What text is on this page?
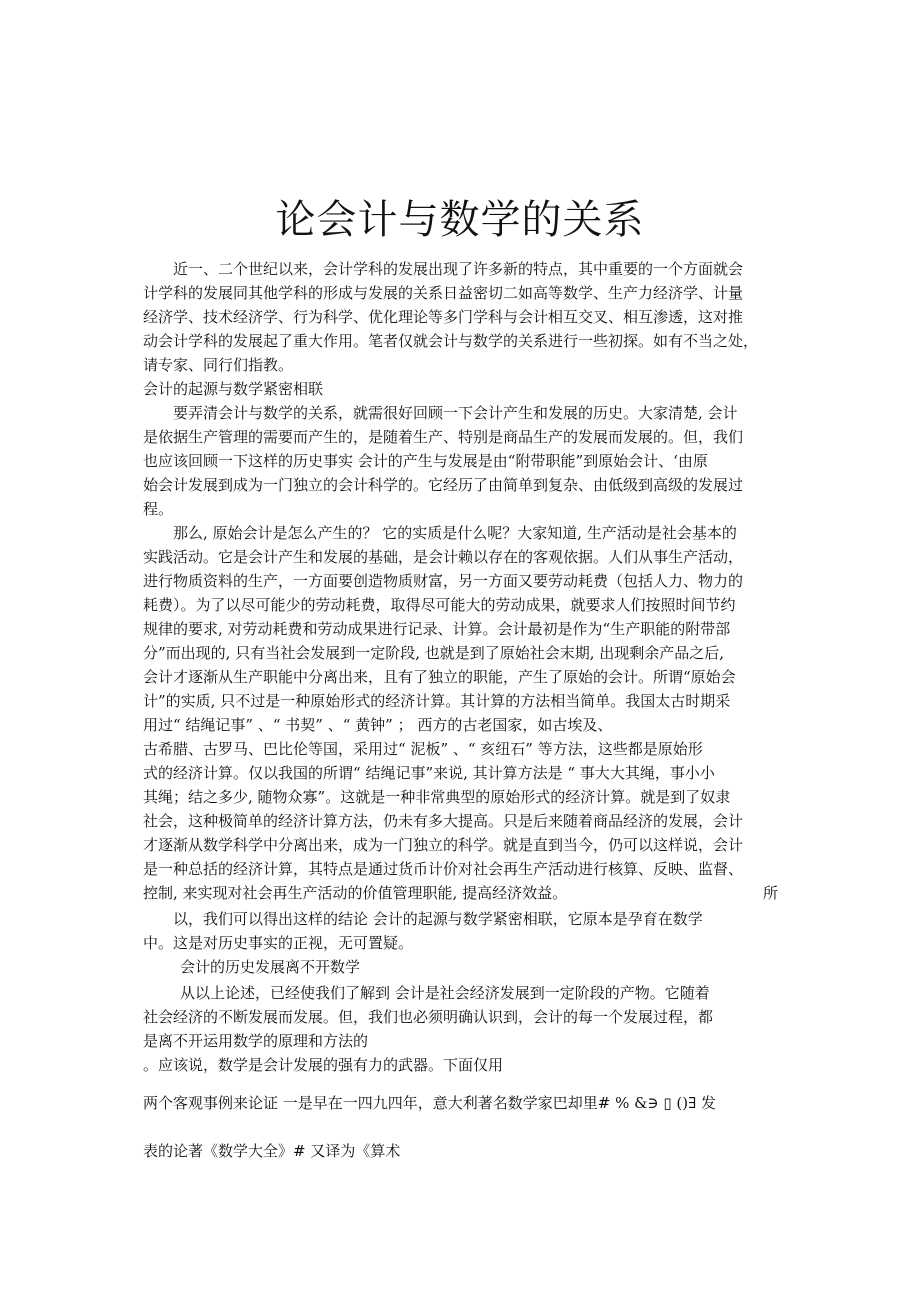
论会计与数学的关系
近一、二个世纪以来，会计学科的发展出现了许多新的特点，其中重要的一个方面就会
计学科的发展同其他学科的形成与发展的关系日益密切二如高等数学、生产力经济学、计量
经济学、技术经济学、行为科学、优化理论等多门学科与会计相互交叉、相互渗透，这对推
动会计学科的发展起了重大作用。笔者仅就会计与数学的关系进行一些初探。如有不当之处，
请专家、同行们指教。
会计的起源与数学紧密相联
要弄清会计与数学的关系，就需很好回顾一下会计产生和发展的历史。大家清楚, 会计
是依据生产管理的需要而产生的，是随着生产、特别是商品生产的发展而发展的。但，我们
也应该回顾一下这样的历史事实 会计的产生与发展是由“附带职能”到原始会计、‘由原
始会计发展到成为一门独立的会计科学的。它经历了由简单到复杂、由低级到高级的发展过
程。
那么, 原始会计是怎么产生的？ 它的实质是什么呢？大家知道, 生产活动是社会基本的
实践活动。它是会计产生和发展的基础，是会计赖以存在的客观依据。人们从事生产活动，
进行物质资料的生产，一方面要创造物质财富，另一方面又要劳动耗费（包括人力、物力的
耗费）。为了以尽可能少的劳动耗费，取得尽可能大的劳动成果，就要求人们按照时间节约
规律的要求, 对劳动耗费和劳动成果进行记录、计算。会计最初是作为“生产职能的附带部
分”而出现的, 只有当社会发展到一定阶段, 也就是到了原始社会末期, 出现剩余产品之后,
会计才逐渐从生产职能中分离出来，且有了独立的职能，产生了原始的会计。所谓“原始会
计”的实质, 只不过是一种原始形式的经济计算。其计算的方法相当简单。我国太古时期采
用过“ 结绳记事” 、“ 书契” 、“ 黄钟” ； 西方的古老国家，如古埃及、
古希腊、古罗马、巴比伦等国，采用过“ 泥板” 、“ 亥纽石” 等方法，这些都是原始形
式的经济计算。仅以我国的所谓“ 结绳记事”来说, 其计算方法是 “ 事大大其绳，事小小
其绳；结之多少, 随物众寡”。这就是一种非常典型的原始形式的经济计算。就是到了奴隶
社会，这种极简单的经济计算方法，仍未有多大提高。只是后来随着商品经济的发展，会计
才逐渐从数学科学中分离出来，成为一门独立的科学。就是直到当今，仍可以这样说，会计
是一种总括的经济计算，其特点是通过货币计价对社会再生产活动进行核算、反映、监督、
控制, 来实现对社会再生产活动的价值管理职能, 提高经济效益。	所
以，我们可以得出这样的结论 会计的起源与数学紧密相联，它原本是孕育在数学
中。这是对历史事实的正视，无可置疑。
会计的历史发展离不开数学
从以上论述，已经使我们了解到 会计是社会经济发展到一定阶段的产物。它随着
社会经济的不断发展而发展。但，我们也必须明确认识到，会计的每一个发展过程，都
是离不开运用数学的原理和方法的
。应该说，数学是会计发展的强有力的武器。下面仅用
两个客观事例来论证 一是早在一四九四年，意大利著名数学家巴却里# % &∋ ▯ ()∃ 发
表的论著《数学大全》# 又译为《算术
